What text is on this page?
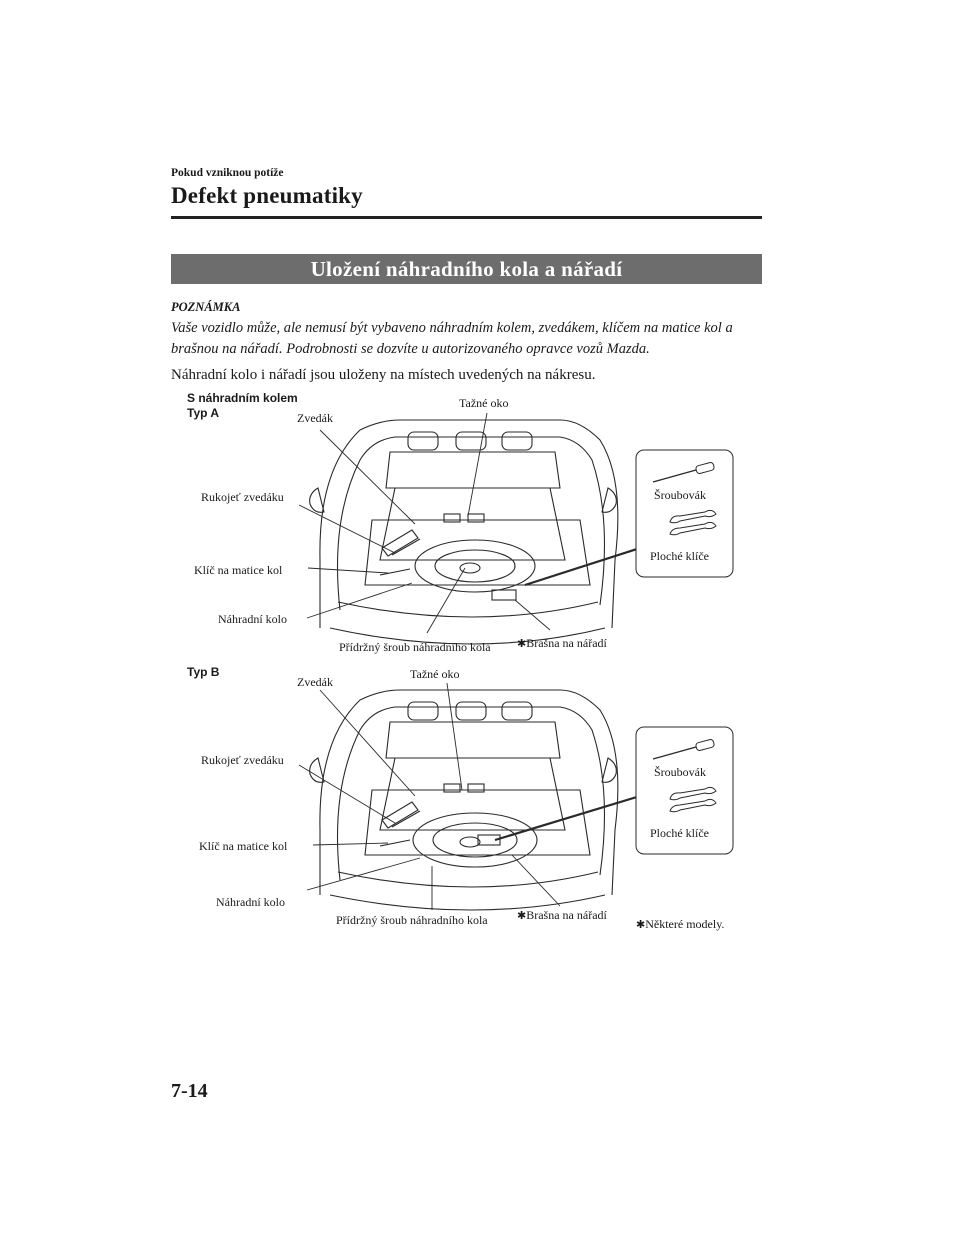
Pokud vzniknou potíže
Defekt pneumatiky
Uložení náhradního kola a nářadí
POZNÁMKA
Vaše vozidlo může, ale nemusí být vybaveno náhradním kolem, zvedákem, klíčem na matice kol a brašnou na nářadí. Podrobnosti se dozvíte u autorizovaného opravce vozů Mazda.
Náhradní kolo i nářadí jsou uloženy na místech uvedených na nákresu.
S náhradním kolem
Typ A	Zvedák
Tažné oko
Rukojeť zvedáku
Klíč na matice kol
Náhradní kolo
Přídržný šroub náhradního kola ✱Brašna na nářadí
Šroubovák
Ploché klíče
Typ B
Zvedák
Tažné oko
Rukojeť zvedáku
Klíč na matice kol
Náhradní kolo
Přídržný šroub náhradního kola	✱Brašna na nářadí
Šroubovák
Ploché klíče
✱Některé modely.
7-14
